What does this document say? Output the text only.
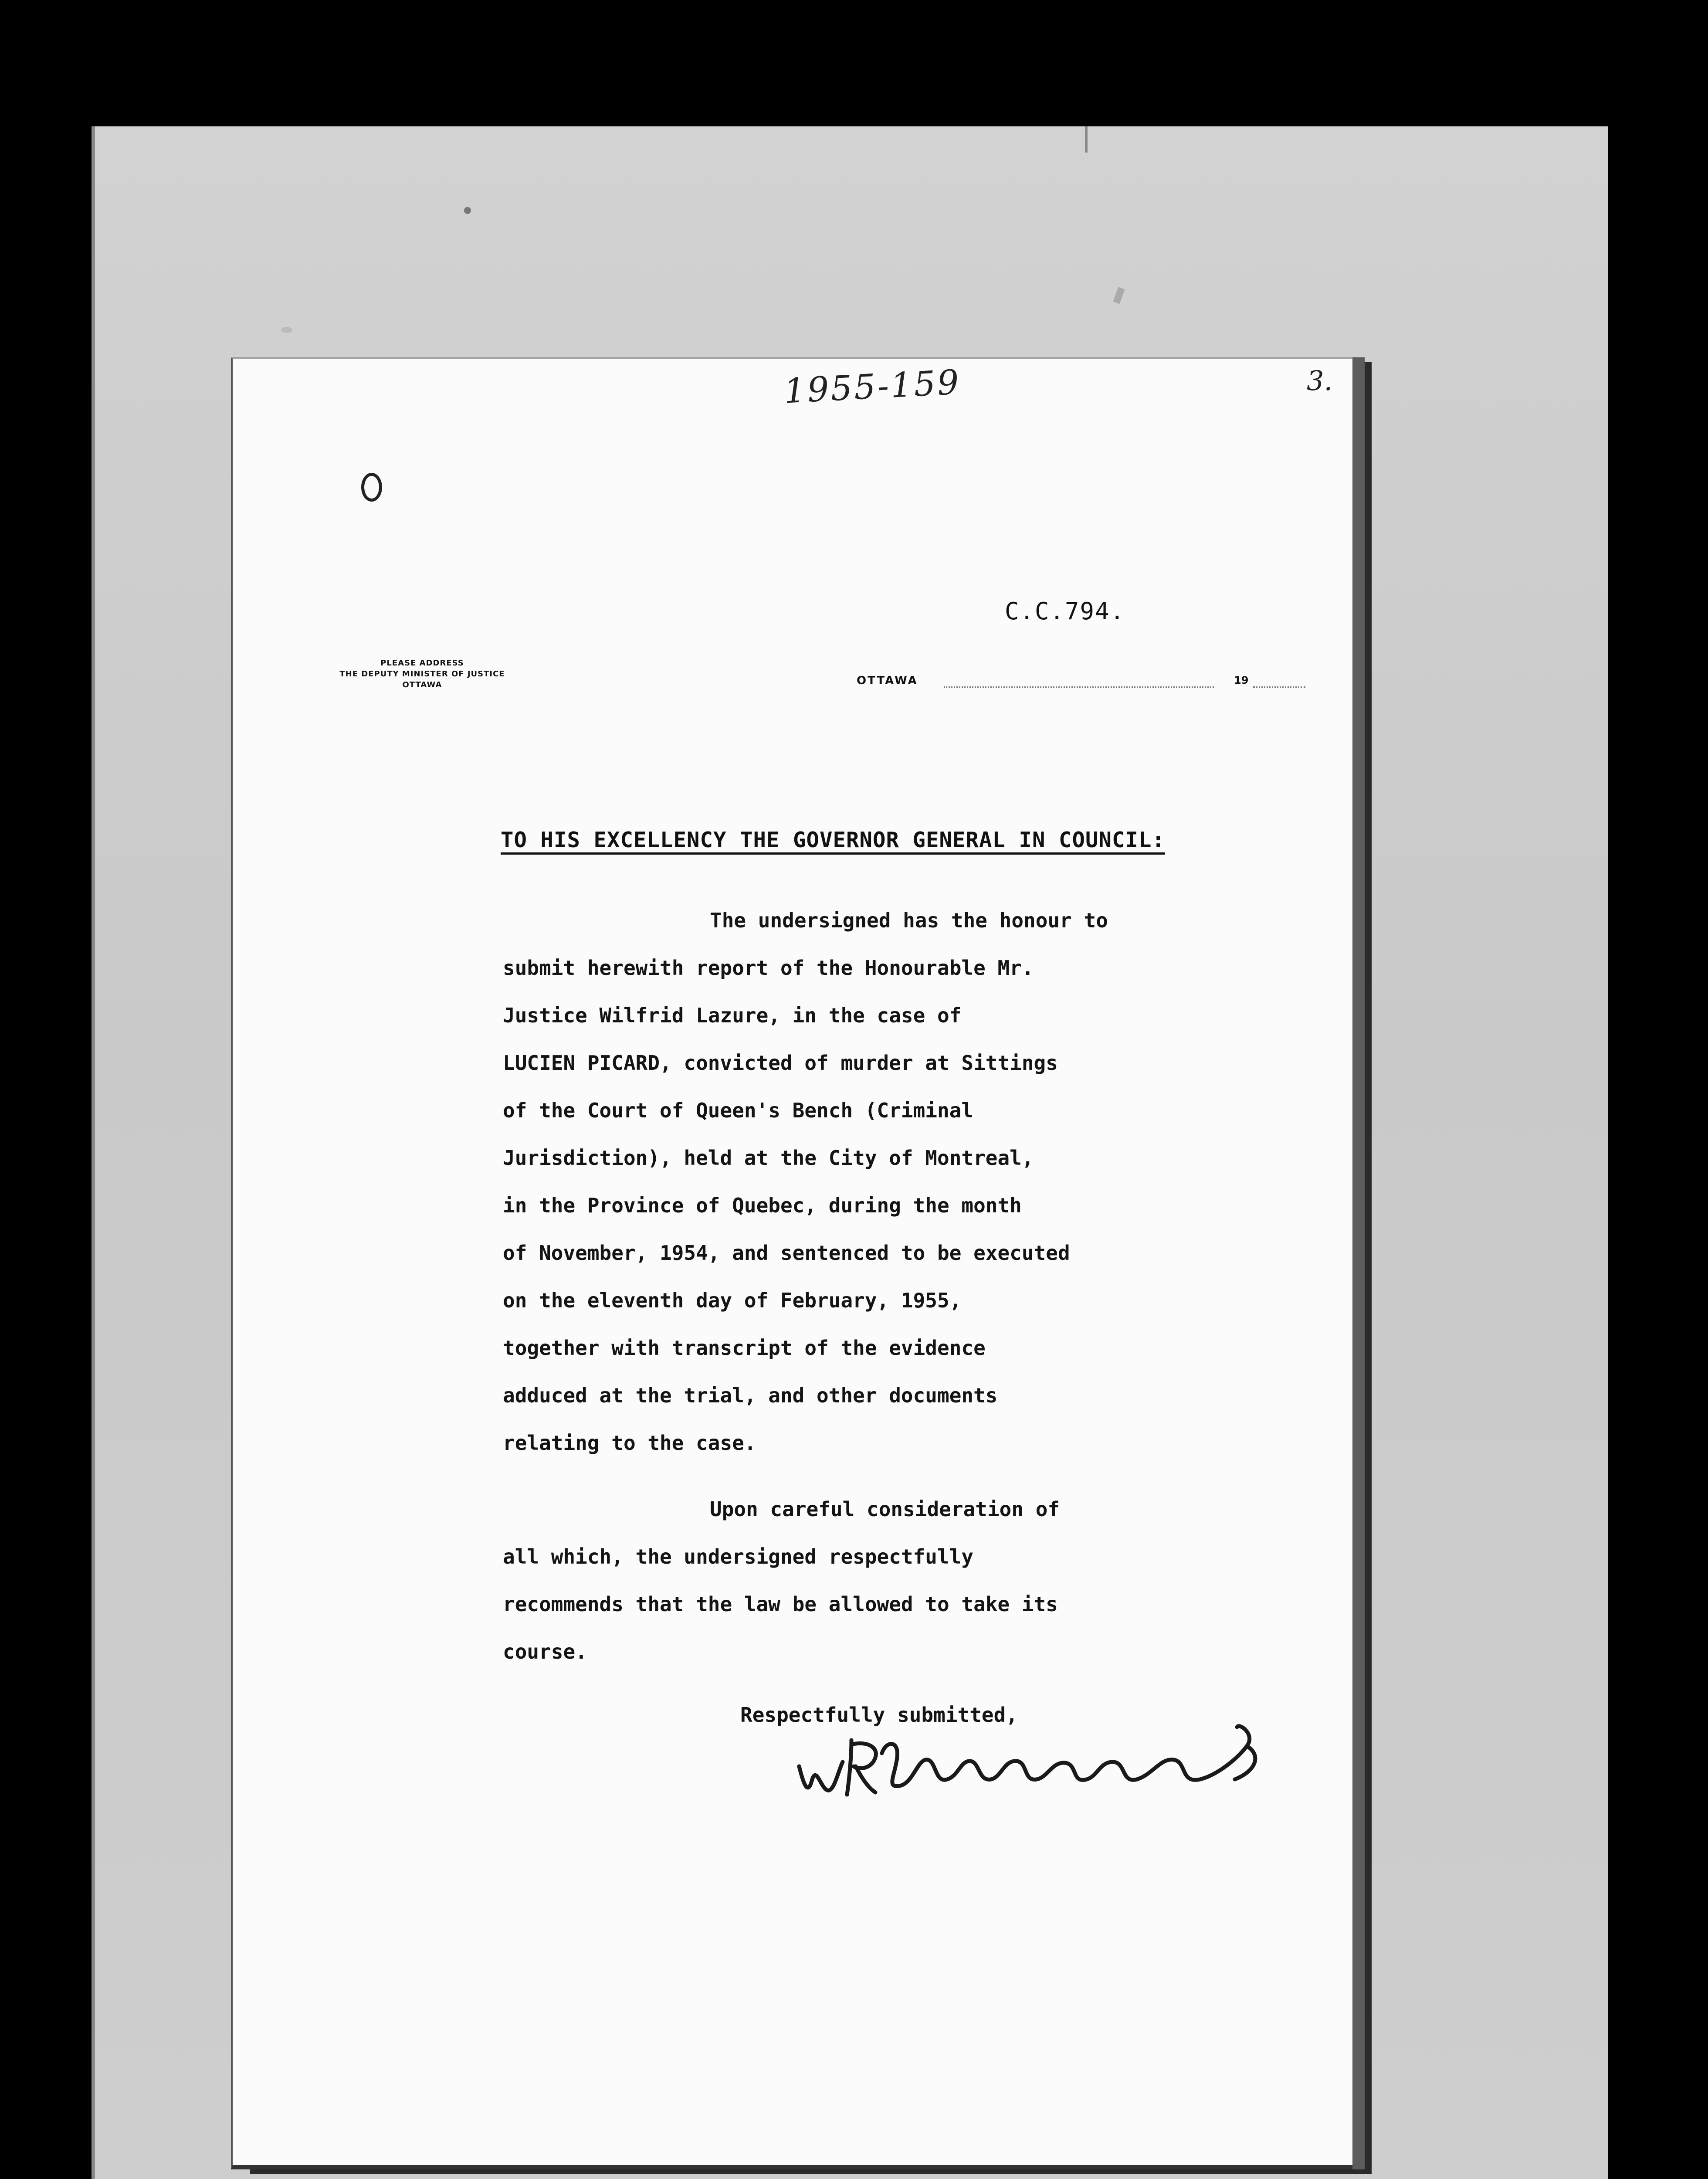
1955-159	3.
C.C.794.
PLEASE ADDRESS
THE DEPUTY MINISTER OF JUSTICE
OTTAWA	OTTAWA	19
TO HIS EXCELLENCY THE GOVERNOR GENERAL IN COUNCIL:
The undersigned has the honour to
submit herewith report of the Honourable Mr.
Justice Wilfrid Lazure, in the case of
LUCIEN PICARD, convicted of murder at Sittings
of the Court of Queen's Bench (Criminal
Jurisdiction), held at the City of Montreal,
in the Province of Quebec, during the month
of November, 1954, and sentenced to be executed
on the eleventh day of February, 1955,
together with transcript of the evidence
adduced at the trial, and other documents
relating to the case.
Upon careful consideration of
all which, the undersigned respectfully
recommends that the law be allowed to take its
course.
Respectfully submitted,
